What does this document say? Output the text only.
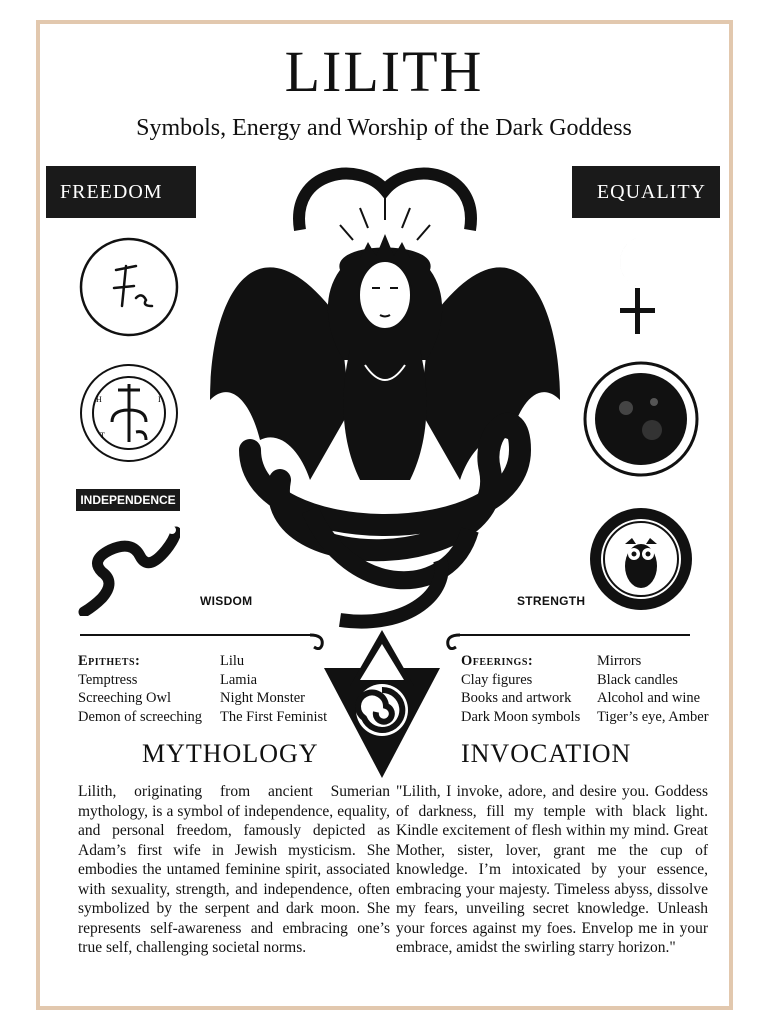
LILITH
Symbols, Energy and Worship of the Dark Goddess
FREEDOM	EQUALITY
H	I
T
INDEPENDENCE
WISDOM	STRENGTH
Epithets:
Temptress
Screeching Owl
Demon of screeching
Lilu
Lamia
Night Monster
The First Feminist
Ofeerings:
Clay figures
Books and artwork
Dark Moon symbols
Mirrors
Black candles
Alcohol and wine
Tiger’s eye, Amber
MYTHOLOGY	INVOCATION

Lilith, originating from ancient Sumerian mythology, is a symbol of independence, equality, and personal freedom, famously depicted as Adam’s first wife in Jewish mysticism. She embodies the untamed feminine spirit, associated with sexuality, strength, and independence, often symbolized by the serpent and dark moon. She represents self-awareness and embracing one’s true self, challenging societal norms.

"Lilith, I invoke, adore, and desire you. Goddess of darkness, fill my temple with black light. Kindle excitement of flesh within my mind. Great Mother, sister, lover, grant me the cup of knowledge. I’m intoxicated by your essence, embracing your majesty. Timeless abyss, dissolve my fears, unveiling secret knowledge. Unleash your forces against my foes. Envelop me in your embrace, amidst the swirling starry horizon."
